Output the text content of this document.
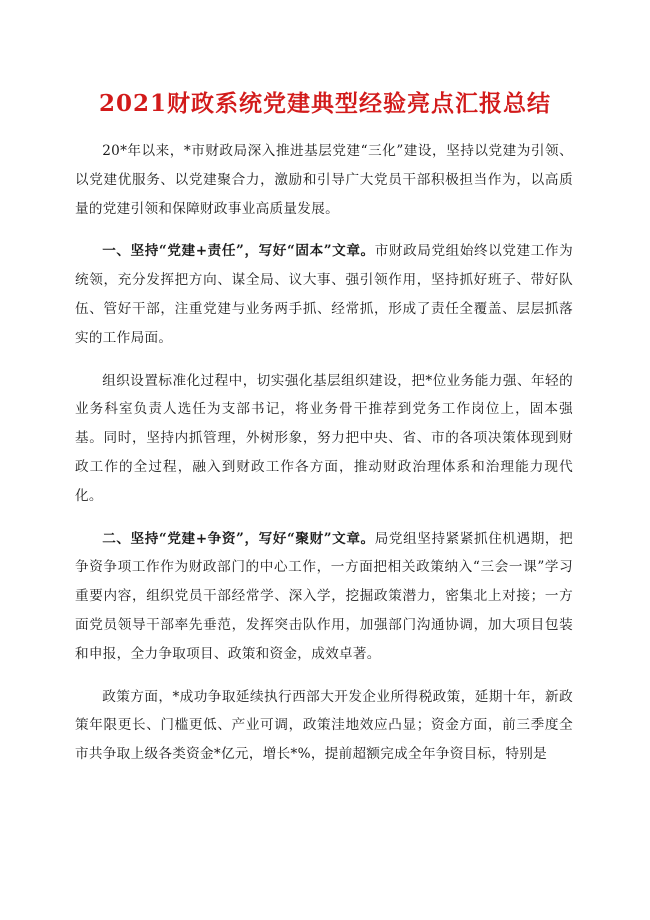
2021财政系统党建典型经验亮点汇报总结

20*年以来，*市财政局深入推进基层党建“三化”建设，坚持以党建为引领、以党建优服务、以党建聚合力，激励和引导广大党员干部积极担当作为，以高质量的党建引领和保障财政事业高质量发展。

一、坚持“党建+责任”，写好“固本”文章。市财政局党组始终以党建工作为统领，充分发挥把方向、谋全局、议大事、强引领作用，坚持抓好班子、带好队伍、管好干部，注重党建与业务两手抓、经常抓，形成了责任全覆盖、层层抓落实的工作局面。

组织设置标准化过程中，切实强化基层组织建设，把*位业务能力强、年轻的业务科室负责人选任为支部书记，将业务骨干推荐到党务工作岗位上，固本强基。同时，坚持内抓管理，外树形象，努力把中央、省、市的各项决策体现到财政工作的全过程，融入到财政工作各方面，推动财政治理体系和治理能力现代化。

二、坚持“党建+争资”，写好“聚财”文章。局党组坚持紧紧抓住机遇期，把争资争项工作作为财政部门的中心工作，一方面把相关政策纳入“三会一课”学习重要内容，组织党员干部经常学、深入学，挖掘政策潜力，密集北上对接；一方面党员领导干部率先垂范，发挥突击队作用，加强部门沟通协调，加大项目包装和申报，全力争取项目、政策和资金，成效卓著。

政策方面，*成功争取延续执行西部大开发企业所得税政策，延期十年，新政策年限更长、门槛更低、产业可调，政策洼地效应凸显；资金方面，前三季度全市共争取上级各类资金*亿元，增长*%，提前超额完成全年争资目标，特别是
